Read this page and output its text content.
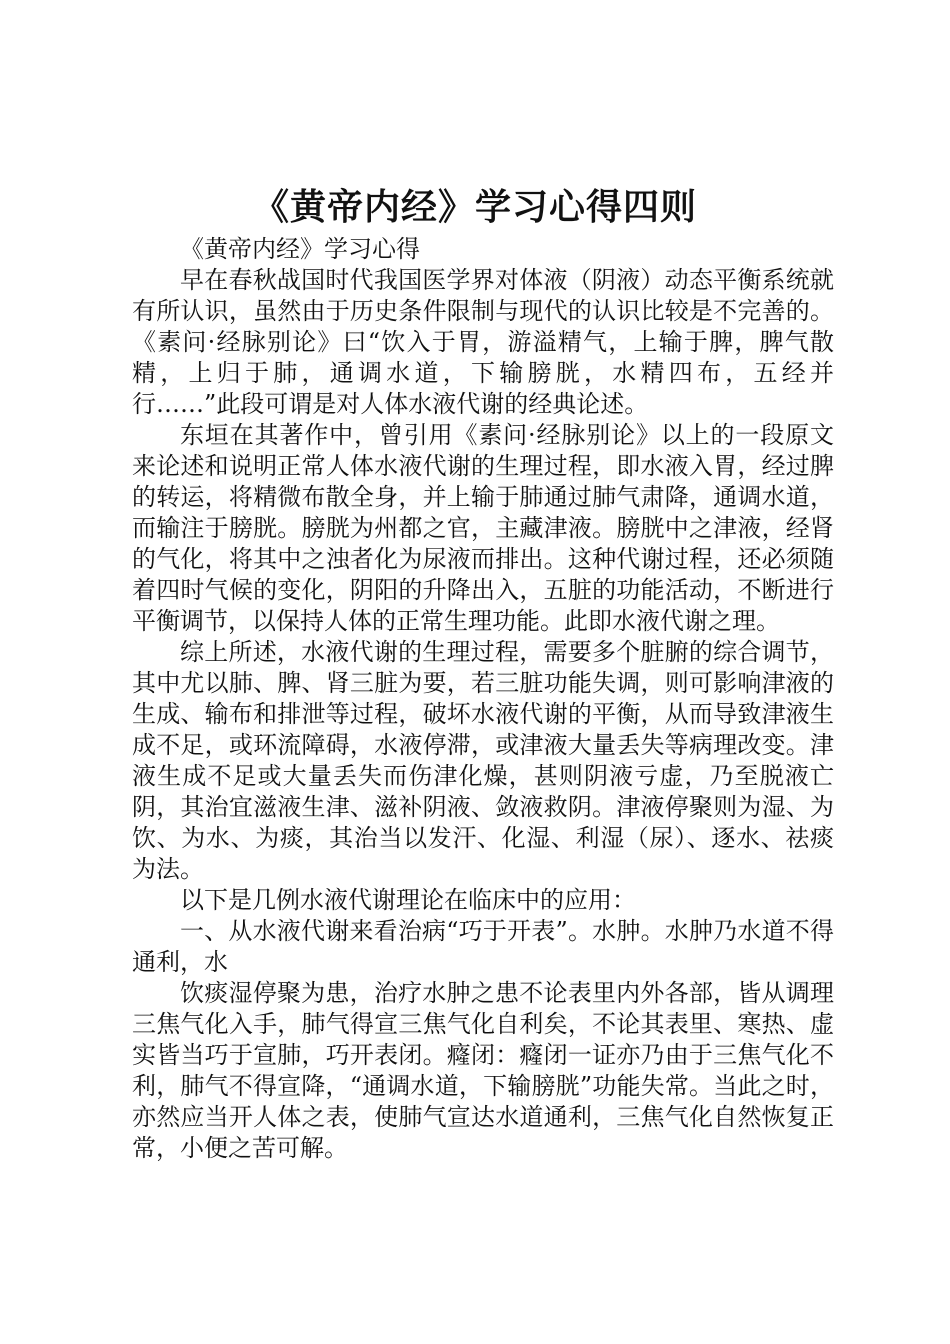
《黄帝内经》学习心得四则

《黄帝内经》学习心得

早在春秋战国时代我国医学界对体液（阴液）动态平衡系统就有所认识，虽然由于历史条件限制与现代的认识比较是不完善的。《素问·经脉别论》曰“饮入于胃，游溢精气，上输于脾，脾气散精，上归于肺，通调水道，下输膀胱，水精四布，五经并行……”此段可谓是对人体水液代谢的经典论述。

东垣在其著作中，曾引用《素问·经脉别论》以上的一段原文来论述和说明正常人体水液代谢的生理过程，即水液入胃，经过脾的转运，将精微布散全身，并上输于肺通过肺气肃降，通调水道，而输注于膀胱。膀胱为州都之官，主藏津液。膀胱中之津液，经肾的气化，将其中之浊者化为尿液而排出。这种代谢过程，还必须随着四时气候的变化，阴阳的升降出入，五脏的功能活动，不断进行平衡调节，以保持人体的正常生理功能。此即水液代谢之理。

综上所述，水液代谢的生理过程，需要多个脏腑的综合调节，其中尤以肺、脾、肾三脏为要，若三脏功能失调，则可影响津液的生成、输布和排泄等过程，破坏水液代谢的平衡，从而导致津液生成不足，或环流障碍，水液停滞，或津液大量丢失等病理改变。津液生成不足或大量丢失而伤津化燥，甚则阴液亏虚，乃至脱液亡阴，其治宜滋液生津、滋补阴液、敛液救阴。津液停聚则为湿、为饮、为水、为痰，其治当以发汗、化湿、利湿（尿）、逐水、祛痰为法。

以下是几例水液代谢理论在临床中的应用：

一、从水液代谢来看治病“巧于开表”。水肿。水肿乃水道不得通利，水

饮痰湿停聚为患，治疗水肿之患不论表里内外各部，皆从调理三焦气化入手，肺气得宣三焦气化自利矣，不论其表里、寒热、虚实皆当巧于宣肺，巧开表闭。癃闭：癃闭一证亦乃由于三焦气化不利，肺气不得宣降，“通调水道，下输膀胱”功能失常。当此之时，亦然应当开人体之表，使肺气宣达水道通利，三焦气化自然恢复正常，小便之苦可解。
